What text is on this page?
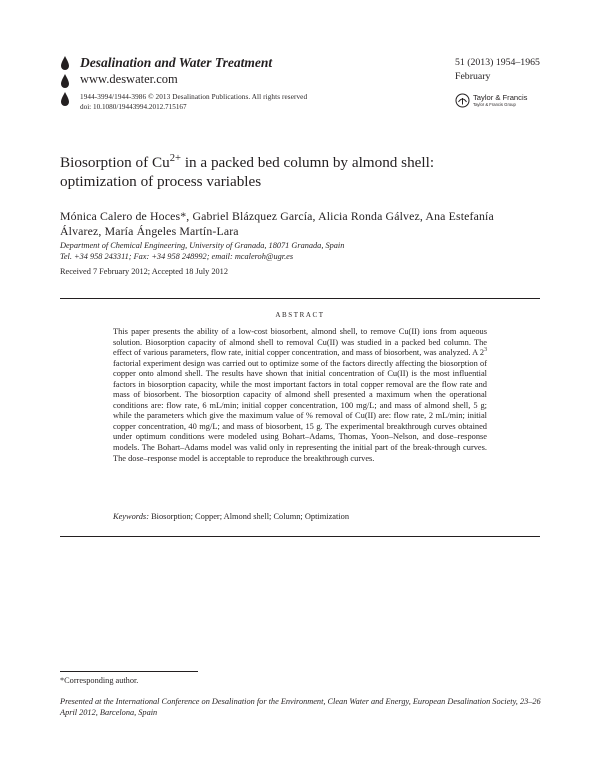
Desalination and Water Treatment
www.deswater.com
1944-3994/1944-3986 © 2013 Desalination Publications. All rights reserved
doi: 10.1080/19443994.2012.715167
51 (2013) 1954–1965
February
Taylor & Francis
Taylor & Francis Group
Biosorption of $Cu^{2+}$ in a packed bed column by almond shell:
optimization of process variables
Mónica Calero de Hoces*, Gabriel Blázquez García, Alicia Ronda Gálvez, Ana Estefanía
Álvarez, María Ángeles Martín-Lara
Department of Chemical Engineering, University of Granada, 18071 Granada, Spain
Tel. +34 958 243311; Fax: +34 958 248992; email: mcaleroh@ugr.es
Received 7 February 2012; Accepted 18 July 2012
ABSTRACT
This paper presents the ability of a low-cost biosorbent, almond shell, to remove Cu(II) ions from aqueous solution. Biosorption capacity of almond shell to removal Cu(II) was studied in a packed bed column. The effect of various parameters, flow rate, initial copper concentration, and mass of biosorbent, was analyzed. A $2^3$ factorial experiment design was carried out to optimize some of the factors directly affecting the biosorption of copper onto almond shell. The results have shown that initial concentration of Cu(II) is the most influential factors in biosorption capacity, while the most important factors in total copper removal are the flow rate and mass of biosorbent. The biosorption capacity of almond shell presented a maximum when the operational conditions are: flow rate, 6 mL/min; initial copper concentration, 100 mg/L; and mass of almond shell, 5 g; while the parameters which give the maximum value of % removal of Cu(II) are: flow rate, 2 mL/min; initial copper concentration, 40 mg/L; and mass of biosorbent, 15 g. The experimental breakthrough curves obtained under optimum conditions were modeled using Bohart–Adams, Thomas, Yoon–Nelson, and dose–response models. The Bohart–Adams model was valid only in representing the initial part of the break-through curves. The dose–response model is acceptable to reproduce the breakthrough curves.
Keywords: Biosorption; Copper; Almond shell; Column; Optimization
*Corresponding author.
Presented at the International Conference on Desalination for the Environment, Clean Water and Energy, European Desalination Society, 23–26 April 2012, Barcelona, Spain
